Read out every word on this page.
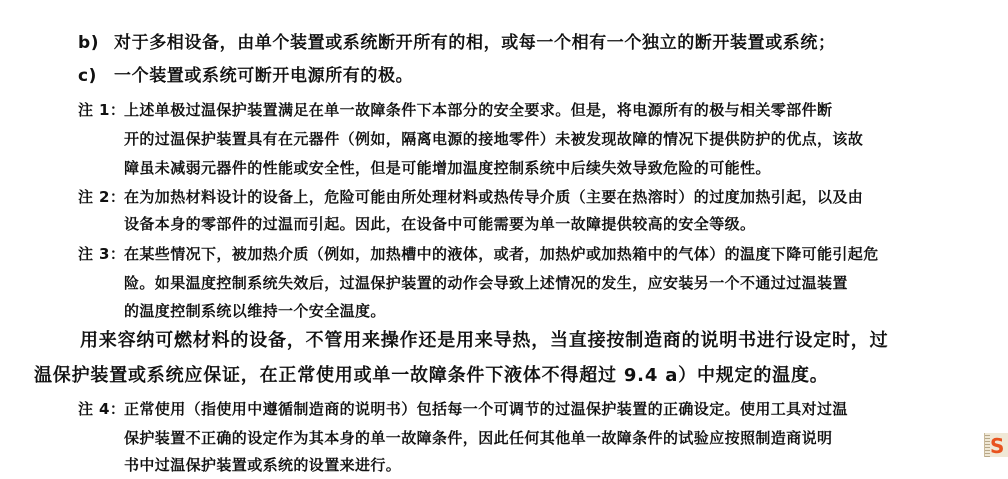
b) 对于多相设备，由单个装置或系统断开所有的相，或每一个相有一个独立的断开装置或系统；
c) 一个装置或系统可断开电源所有的极。
注 1：
上述单极过温保护装置满足在单一故障条件下本部分的安全要求。但是，将电源所有的极与相关零部件断
开的过温保护装置具有在元器件（例如，隔离电源的接地零件）未被发现故障的情况下提供防护的优点，该故
障虽未减弱元器件的性能或安全性，但是可能增加温度控制系统中后续失效导致危险的可能性。
注 2：
在为加热材料设计的设备上，危险可能由所处理材料或热传导介质（主要在热溶时）的过度加热引起，以及由
设备本身的零部件的过温而引起。因此，在设备中可能需要为单一故障提供较高的安全等级。
注 3：
在某些情况下，被加热介质（例如，加热槽中的液体，或者，加热炉或加热箱中的气体）的温度下降可能引起危
险。如果温度控制系统失效后，过温保护装置的动作会导致上述情况的发生，应安装另一个不通过过温装置
的温度控制系统以维持一个安全温度。
用来容纳可燃材料的设备，不管用来操作还是用来导热，当直接按制造商的说明书进行设定时，过
温保护装置或系统应保证，在正常使用或单一故障条件下液体不得超过 9.4 a）中规定的温度。
注 4：
正常使用（指使用中遵循制造商的说明书）包括每一个可调节的过温保护装置的正确设定。使用工具对过温
保护装置不正确的设定作为其本身的单一故障条件，因此任何其他单一故障条件的试验应按照制造商说明
书中过温保护装置或系统的设置来进行。
S
